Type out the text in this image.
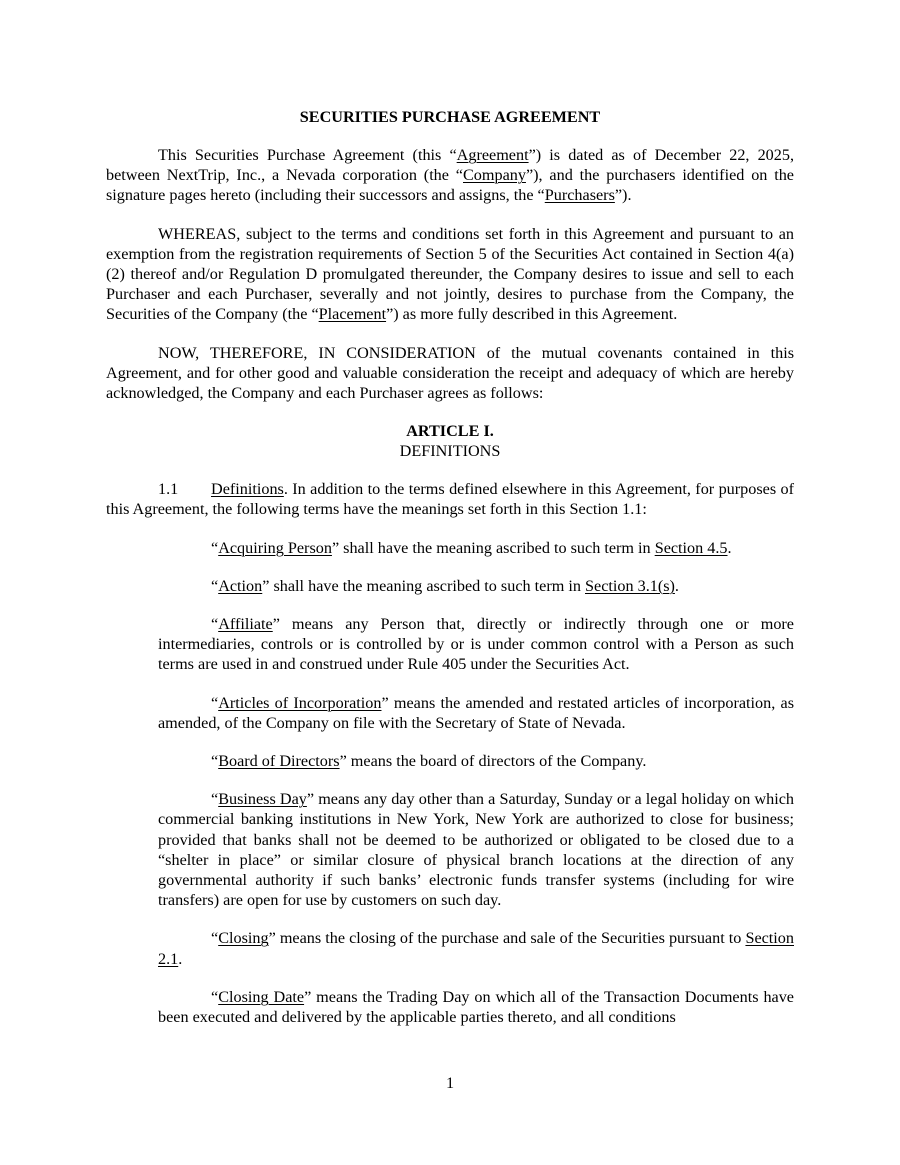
SECURITIES PURCHASE AGREEMENT
This Securities Purchase Agreement (this “Agreement”) is dated as of December 22, 2025, between NextTrip, Inc., a Nevada corporation (the “Company”), and the purchasers identified on the signature pages hereto (including their successors and assigns, the “Purchasers”).
WHEREAS, subject to the terms and conditions set forth in this Agreement and pursuant to an exemption from the registration requirements of Section 5 of the Securities Act contained in Section 4(a)(2) thereof and/or Regulation D promulgated thereunder, the Company desires to issue and sell to each Purchaser and each Purchaser, severally and not jointly, desires to purchase from the Company, the Securities of the Company (the “Placement”) as more fully described in this Agreement.
NOW, THEREFORE, IN CONSIDERATION of the mutual covenants contained in this Agreement, and for other good and valuable consideration the receipt and adequacy of which are hereby acknowledged, the Company and each Purchaser agrees as follows:
ARTICLE I.
DEFINITIONS
1.1 Definitions. In addition to the terms defined elsewhere in this Agreement, for purposes of this Agreement, the following terms have the meanings set forth in this Section 1.1:
“Acquiring Person” shall have the meaning ascribed to such term in Section 4.5.
“Action” shall have the meaning ascribed to such term in Section 3.1(s).
“Affiliate” means any Person that, directly or indirectly through one or more intermediaries, controls or is controlled by or is under common control with a Person as such terms are used in and construed under Rule 405 under the Securities Act.
“Articles of Incorporation” means the amended and restated articles of incorporation, as amended, of the Company on file with the Secretary of State of Nevada.
“Board of Directors” means the board of directors of the Company.
“Business Day” means any day other than a Saturday, Sunday or a legal holiday on which commercial banking institutions in New York, New York are authorized to close for business; provided that banks shall not be deemed to be authorized or obligated to be closed due to a “shelter in place” or similar closure of physical branch locations at the direction of any governmental authority if such banks’ electronic funds transfer systems (including for wire transfers) are open for use by customers on such day.
“Closing” means the closing of the purchase and sale of the Securities pursuant to Section 2.1.
“Closing Date” means the Trading Day on which all of the Transaction Documents have been executed and delivered by the applicable parties thereto, and all conditions
1
